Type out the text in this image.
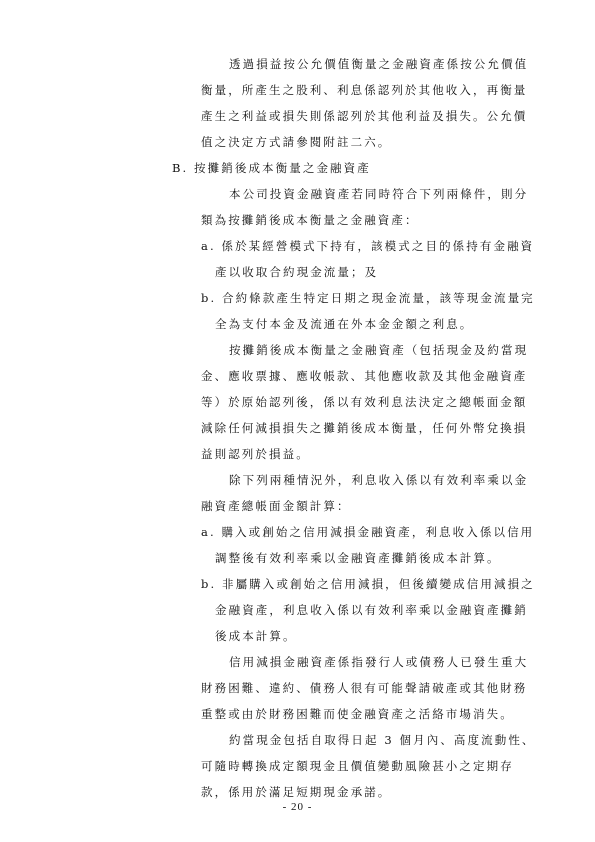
透過損益按公允價值衡量之金融資產係按公允價值
衡量，所產生之股利、利息係認列於其他收入，再衡量
產生之利益或損失則係認列於其他利益及損失。公允價
值之決定方式請參閱附註二六。
B. 按攤銷後成本衡量之金融資產
本公司投資金融資產若同時符合下列兩條件，則分
類為按攤銷後成本衡量之金融資產：
a. 係於某經營模式下持有，該模式之目的係持有金融資
產以收取合約現金流量；及
b. 合約條款產生特定日期之現金流量，該等現金流量完
全為支付本金及流通在外本金金額之利息。
按攤銷後成本衡量之金融資產（包括現金及約當現
金、應收票據、應收帳款、其他應收款及其他金融資產
等）於原始認列後，係以有效利息法決定之總帳面金額
減除任何減損損失之攤銷後成本衡量，任何外幣兌換損
益則認列於損益。
除下列兩種情況外，利息收入係以有效利率乘以金
融資產總帳面金額計算：
a. 購入或創始之信用減損金融資產，利息收入係以信用
調整後有效利率乘以金融資產攤銷後成本計算。
b. 非屬購入或創始之信用減損，但後續變成信用減損之
金融資產，利息收入係以有效利率乘以金融資產攤銷
後成本計算。
信用減損金融資產係指發行人或債務人已發生重大
財務困難、違約、債務人很有可能聲請破產或其他財務
重整或由於財務困難而使金融資產之活絡市場消失。
約當現金包括自取得日起 3 個月內、高度流動性、
可隨時轉換成定額現金且價值變動風險甚小之定期存
款，係用於滿足短期現金承諾。
- 20 -
